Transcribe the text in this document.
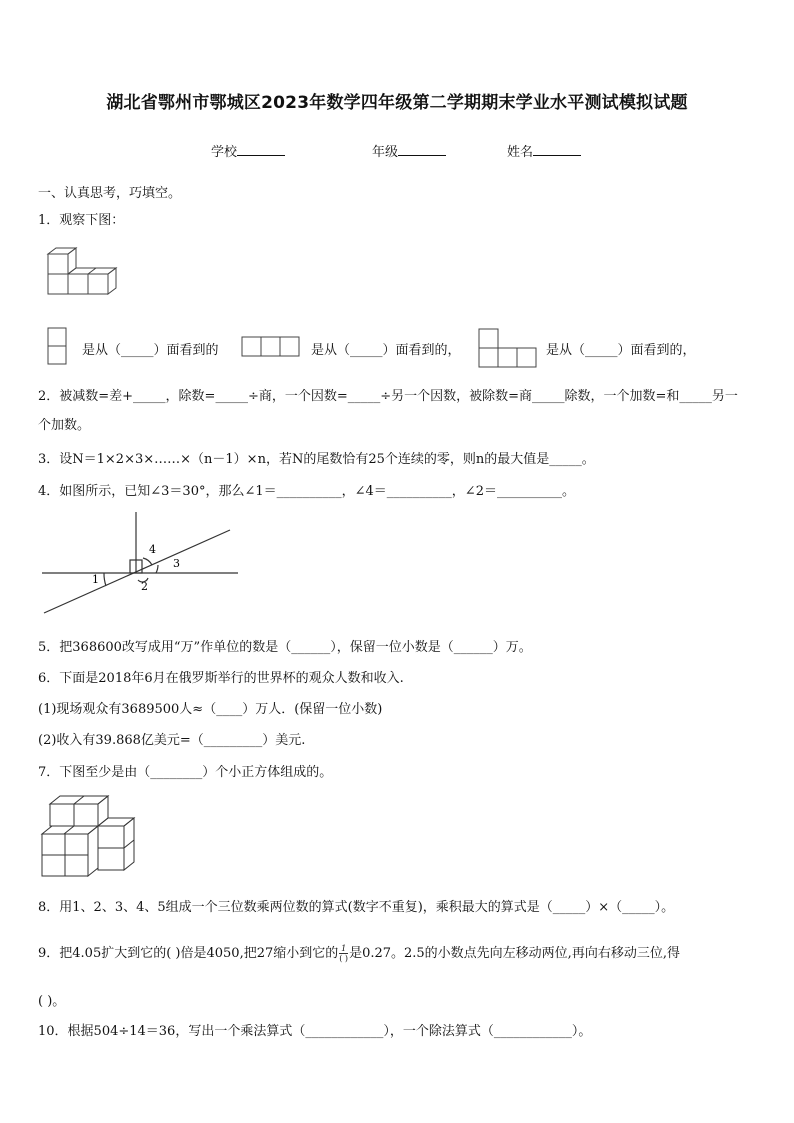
湖北省鄂州市鄂城区2023年数学四年级第二学期期末学业水平测试模拟试题
学校	年级	姓名
一、认真思考，巧填空。
1．观察下图：
是从（_____）面看到的	是从（_____）面看到的，	是从（_____）面看到的，
2．被减数=差+_____，除数=_____÷商，一个因数=_____÷另一个因数，被除数=商_____除数，一个加数=和_____另一
个加数。
3．设N＝1×2×3×……×（n－1）×n，若N的尾数恰有25个连续的零，则n的最大值是_____。
4．如图所示，已知∠3＝30°，那么∠1＝__________，∠4＝__________，∠2＝__________。
1
2
3
4
5．把368600改写成用“万”作单位的数是（______），保留一位小数是（______）万。
6．下面是2018年6月在俄罗斯举行的世界杯的观众人数和收入.
(1)现场观众有3689500人≈（____）万人．(保留一位小数)
(2)收入有39.868亿美元=（_________）美元.
7．下图至少是由（________）个小正方体组成的。
8．用1、2、3、4、5组成一个三位数乘两位数的算式(数字不重复)，乘积最大的算式是（_____）×（_____）。
9．把4.05扩大到它的( )倍是4050,把27缩小到它的 1
( ) 是0.27。2.5的小数点先向左移动两位,再向右移动三位,得
( )。
10．根据504÷14＝36，写出一个乘法算式（____________），一个除法算式（____________）。
